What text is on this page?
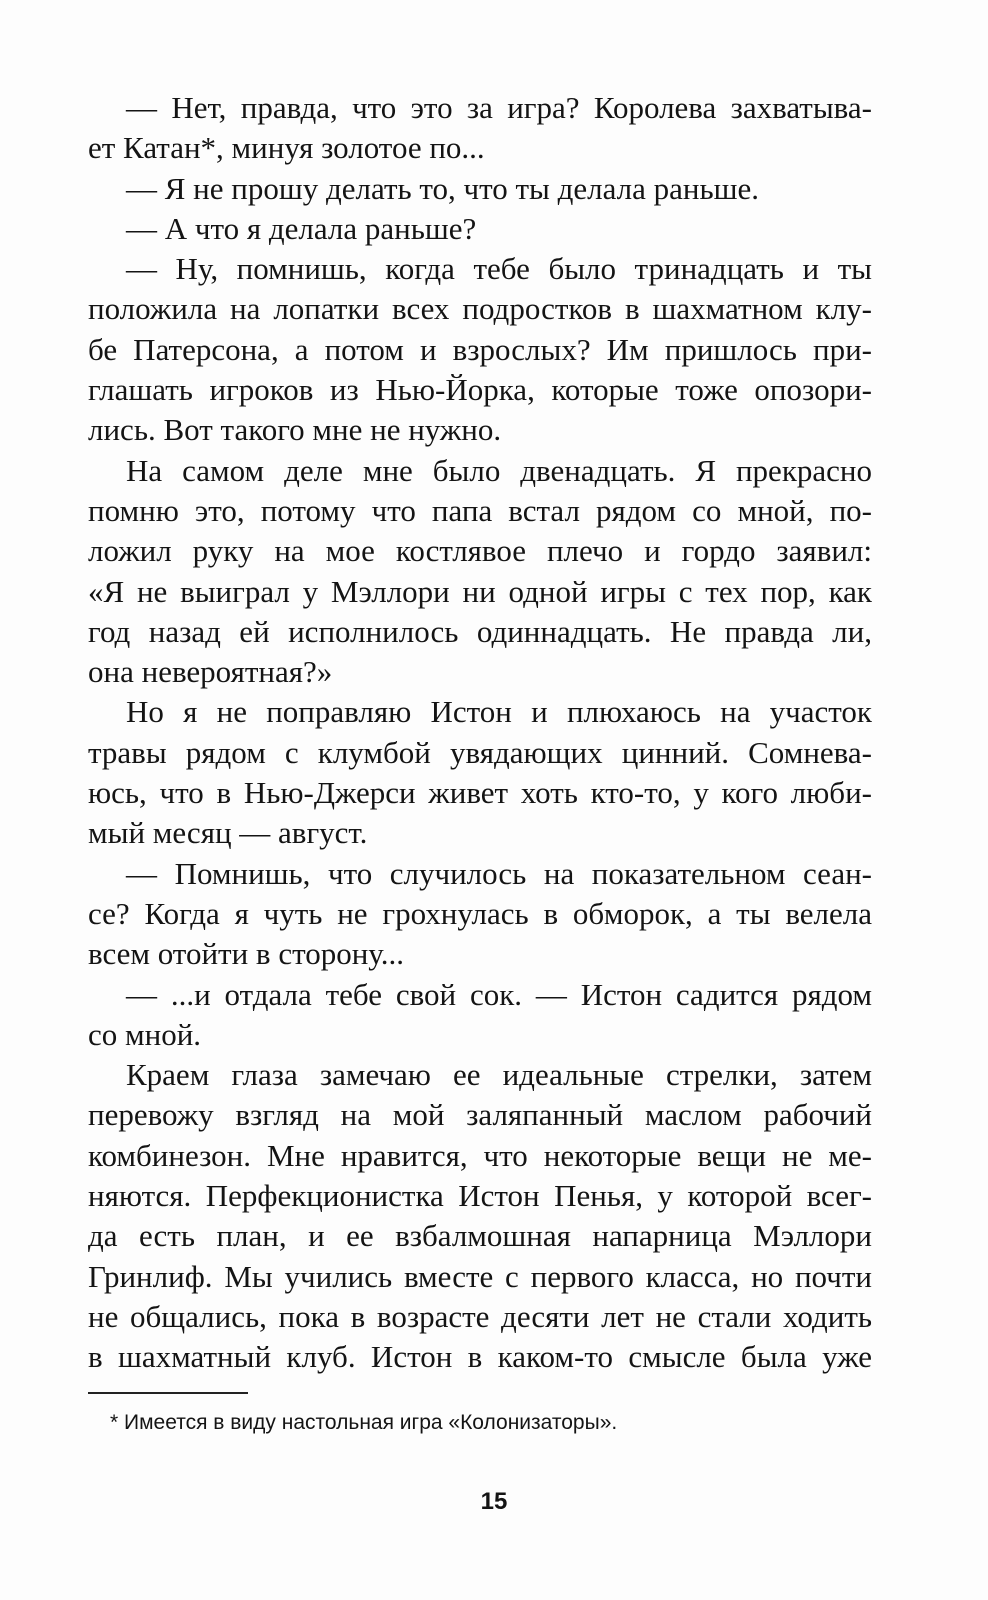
— Нет, правда, что это за игра? Королева захватыва-
ет Катан*, минуя золотое по...
— Я не прошу делать то, что ты делала раньше.
— А что я делала раньше?
— Ну, помнишь, когда тебе было тринадцать и ты
положила на лопатки всех подростков в шахматном клу-
бе Патерсона, а потом и взрослых? Им пришлось при-
глашать игроков из Нью-Йорка, которые тоже опозори-
лись. Вот такого мне не нужно.
На самом деле мне было двенадцать. Я прекрасно
помню это, потому что папа встал рядом со мной, по-
ложил руку на мое костлявое плечо и гордо заявил:
«Я не выиграл у Мэллори ни одной игры с тех пор, как
год назад ей исполнилось одиннадцать. Не правда ли,
она невероятная?»
Но я не поправляю Истон и плюхаюсь на участок
травы рядом с клумбой увядающих цинний. Сомнева-
юсь, что в Нью-Джерси живет хоть кто-то, у кого люби-
мый месяц — август.
— Помнишь, что случилось на показательном сеан-
се? Когда я чуть не грохнулась в обморок, а ты велела
всем отойти в сторону...
— ...и отдала тебе свой сок. — Истон садится рядом
со мной.
Краем глаза замечаю ее идеальные стрелки, затем
перевожу взгляд на мой заляпанный маслом рабочий
комбинезон. Мне нравится, что некоторые вещи не ме-
няются. Перфекционистка Истон Пенья, у которой всег-
да есть план, и ее взбалмошная напарница Мэллори
Гринлиф. Мы учились вместе с первого класса, но почти
не общались, пока в возрасте десяти лет не стали ходить
в шахматный клуб. Истон в каком-то смысле была уже
* Имеется в виду настольная игра «Колонизаторы».
15
